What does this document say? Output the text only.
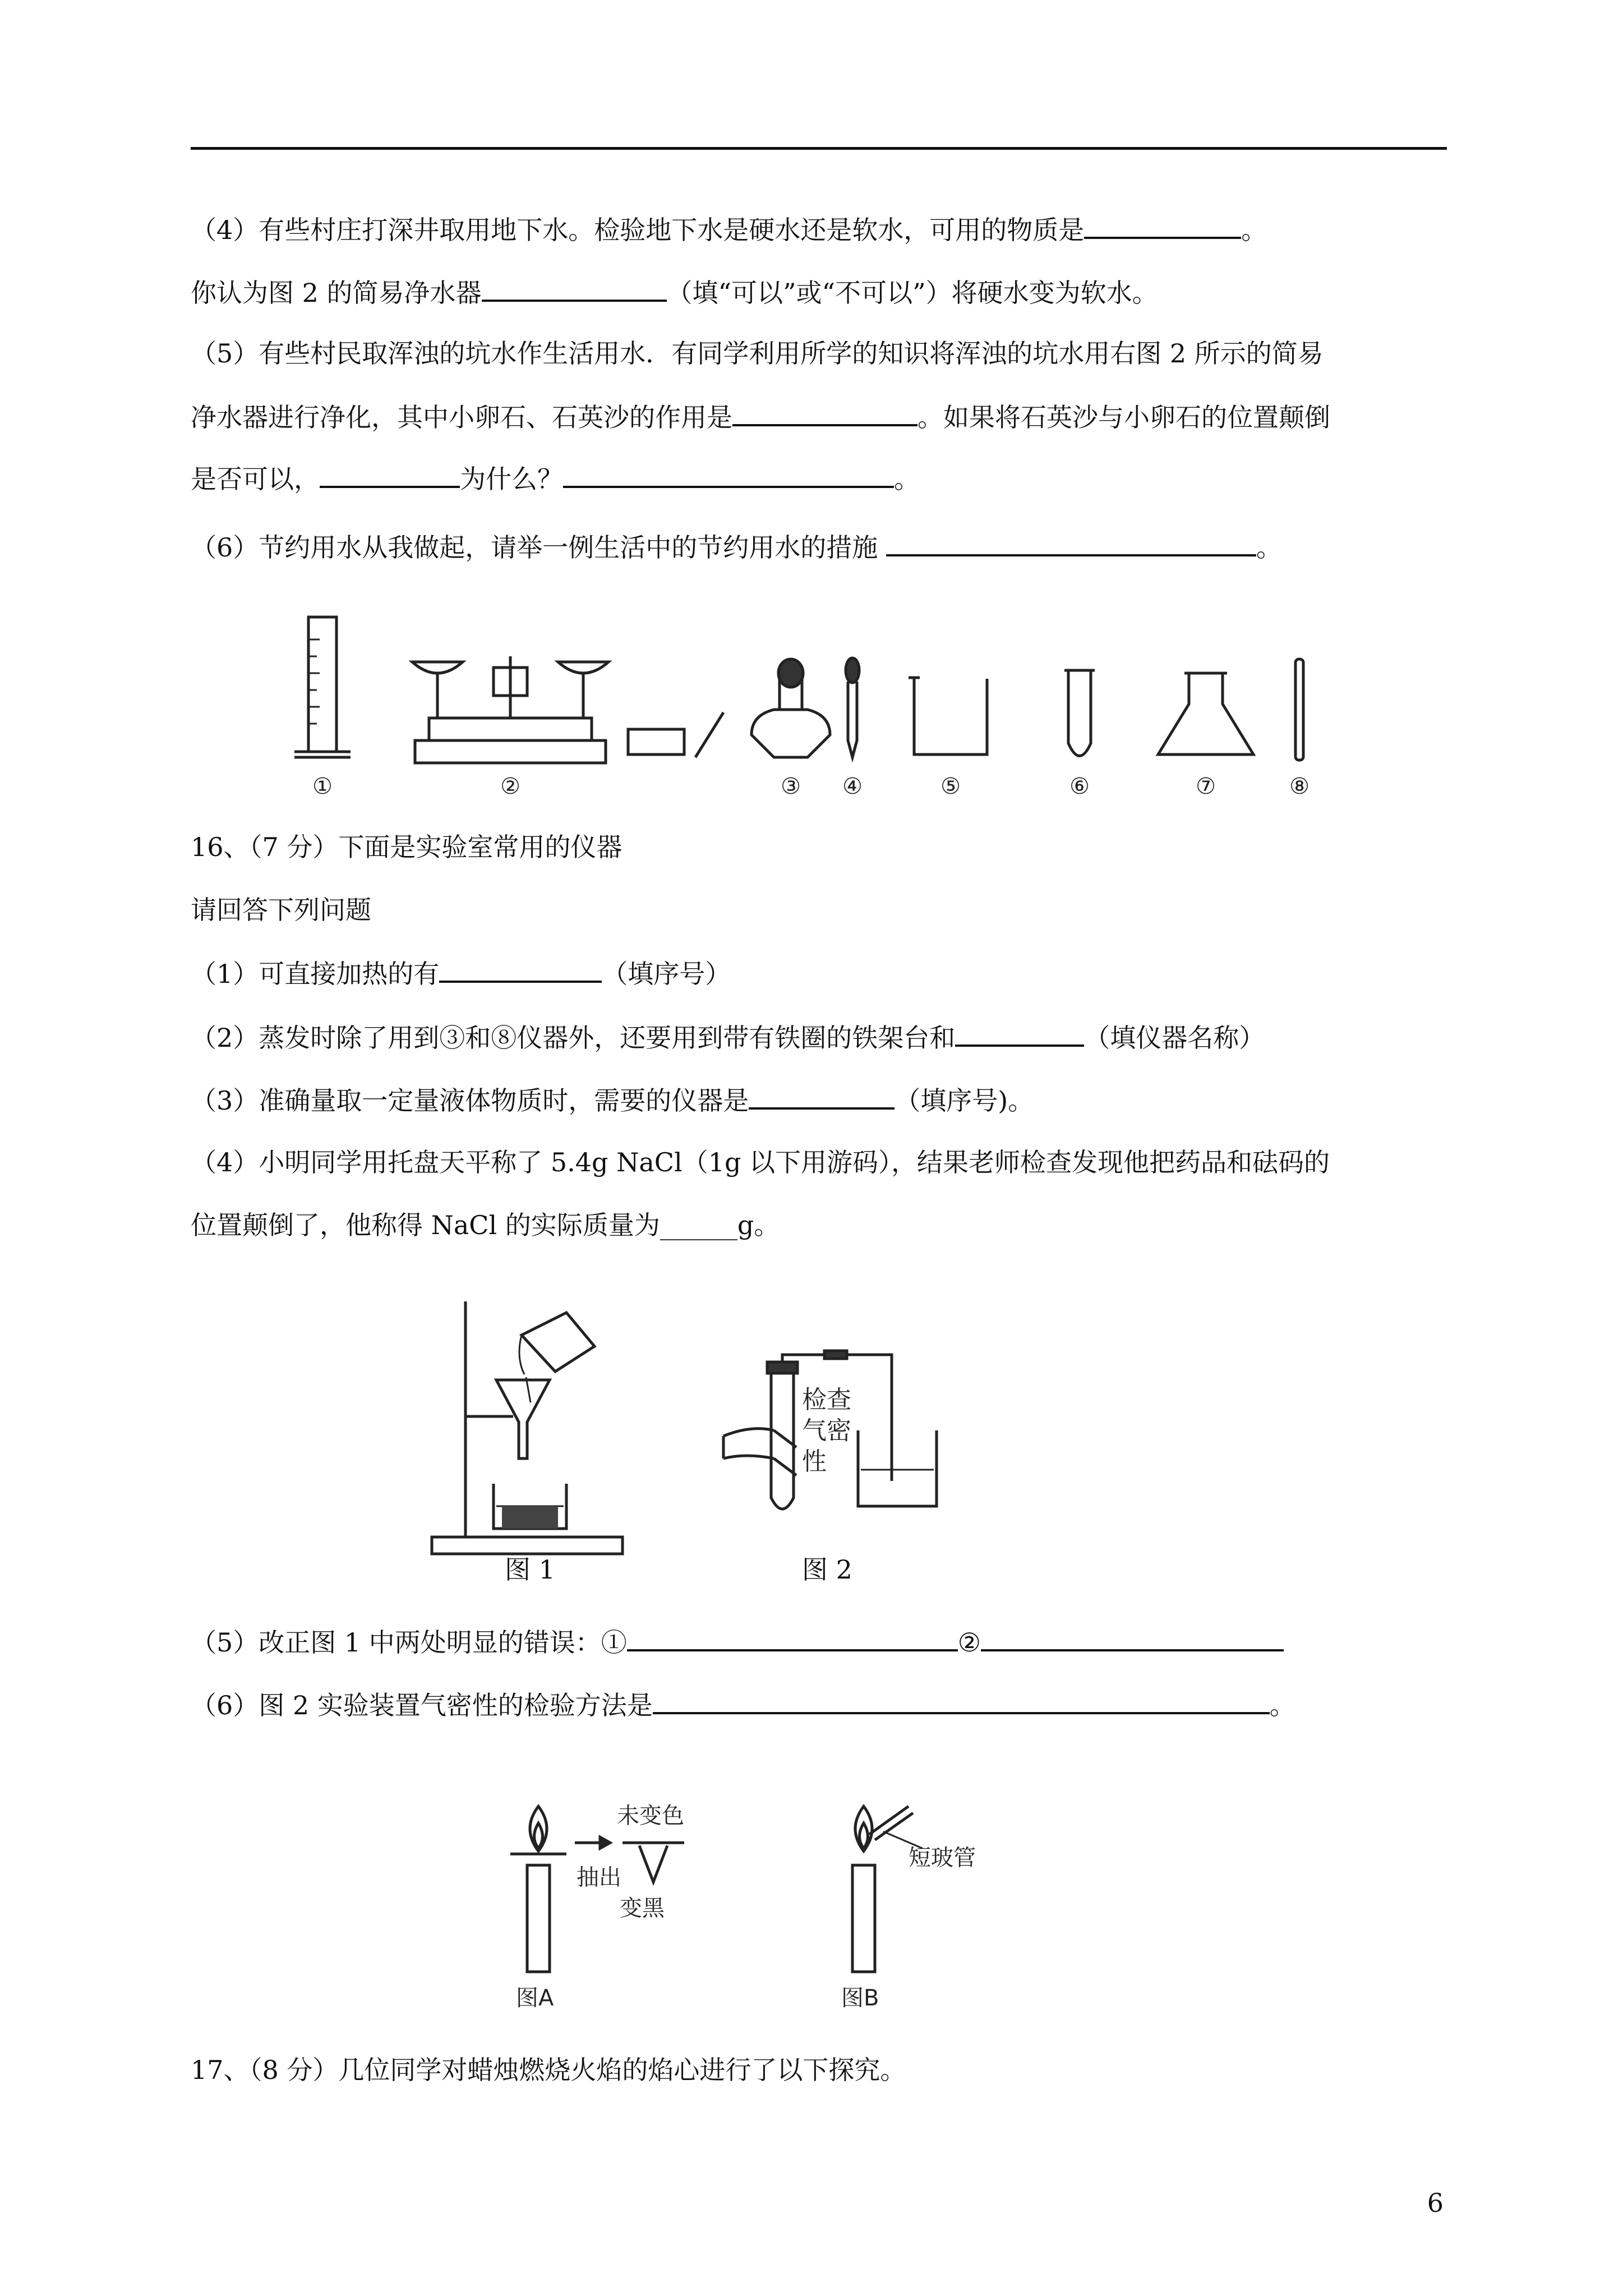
（4）有些村庄打深井取用地下水。检验地下水是硬水还是软水，可用的物质是	。
你认为图 2 的简易净水器	（填“可以”或“不可以”）将硬水变为软水。
（5）有些村民取浑浊的坑水作生活用水．有同学利用所学的知识将浑浊的坑水用右图 2 所示的简易
净水器进行净化，其中小卵石、石英沙的作用是	。如果将石英沙与小卵石的位置颠倒
是否可以，	为什么？	。
（6）节约用水从我做起，请举一例生活中的节约用水的措施	。
①	②	③ ④	⑤	⑥	⑦	⑧
16、（7 分）下面是实验室常用的仪器
请回答下列问题
（1）可直接加热的有	（填序号）
（2）蒸发时除了用到③和⑧仪器外，还要用到带有铁圈的铁架台和	（填仪器名称）
（3）准确量取一定量液体物质时，需要的仪器是	（填序号)。
（4）小明同学用托盘天平称了 5.4g NaCl（1g 以下用游码），结果老师检查发现他把药品和砝码的
位置颠倒了，他称得 NaCl 的实际质量为______g。
图 1
检查
气密
性
图 2
（5）改正图 1 中两处明显的错误：①	②
（6）图 2 实验装置气密性的检验方法是	。
抽出
未变色
变黑
短玻管
图A	图B
17、（8 分）几位同学对蜡烛燃烧火焰的焰心进行了以下探究。
6
